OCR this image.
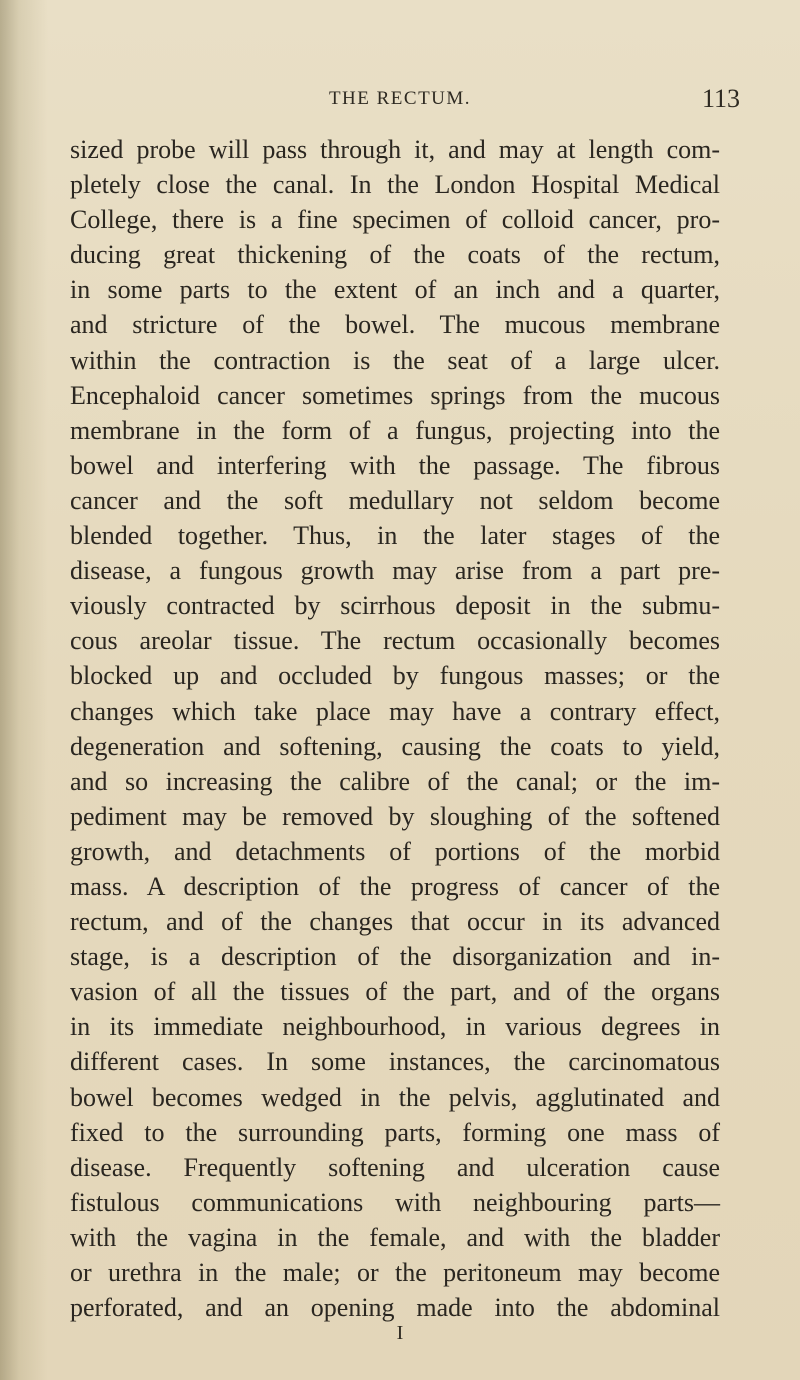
THE RECTUM.	113
sized probe will pass through it, and may at length com-
pletely close the canal. In the London Hospital Medical
College, there is a fine specimen of colloid cancer, pro-
ducing great thickening of the coats of the rectum,
in some parts to the extent of an inch and a quarter,
and stricture of the bowel. The mucous membrane
within the contraction is the seat of a large ulcer.
Encephaloid cancer sometimes springs from the mucous
membrane in the form of a fungus, projecting into the
bowel and interfering with the passage. The fibrous
cancer and the soft medullary not seldom become
blended together. Thus, in the later stages of the
disease, a fungous growth may arise from a part pre-
viously contracted by scirrhous deposit in the submu-
cous areolar tissue. The rectum occasionally becomes
blocked up and occluded by fungous masses; or the
changes which take place may have a contrary effect,
degeneration and softening, causing the coats to yield,
and so increasing the calibre of the canal; or the im-
pediment may be removed by sloughing of the softened
growth, and detachments of portions of the morbid
mass. A description of the progress of cancer of the
rectum, and of the changes that occur in its advanced
stage, is a description of the disorganization and in-
vasion of all the tissues of the part, and of the organs
in its immediate neighbourhood, in various degrees in
different cases. In some instances, the carcinomatous
bowel becomes wedged in the pelvis, agglutinated and
fixed to the surrounding parts, forming one mass of
disease. Frequently softening and ulceration cause
fistulous communications with neighbouring parts—
with the vagina in the female, and with the bladder
or urethra in the male; or the peritoneum may become
perforated, and an opening made into the abdominal
I
